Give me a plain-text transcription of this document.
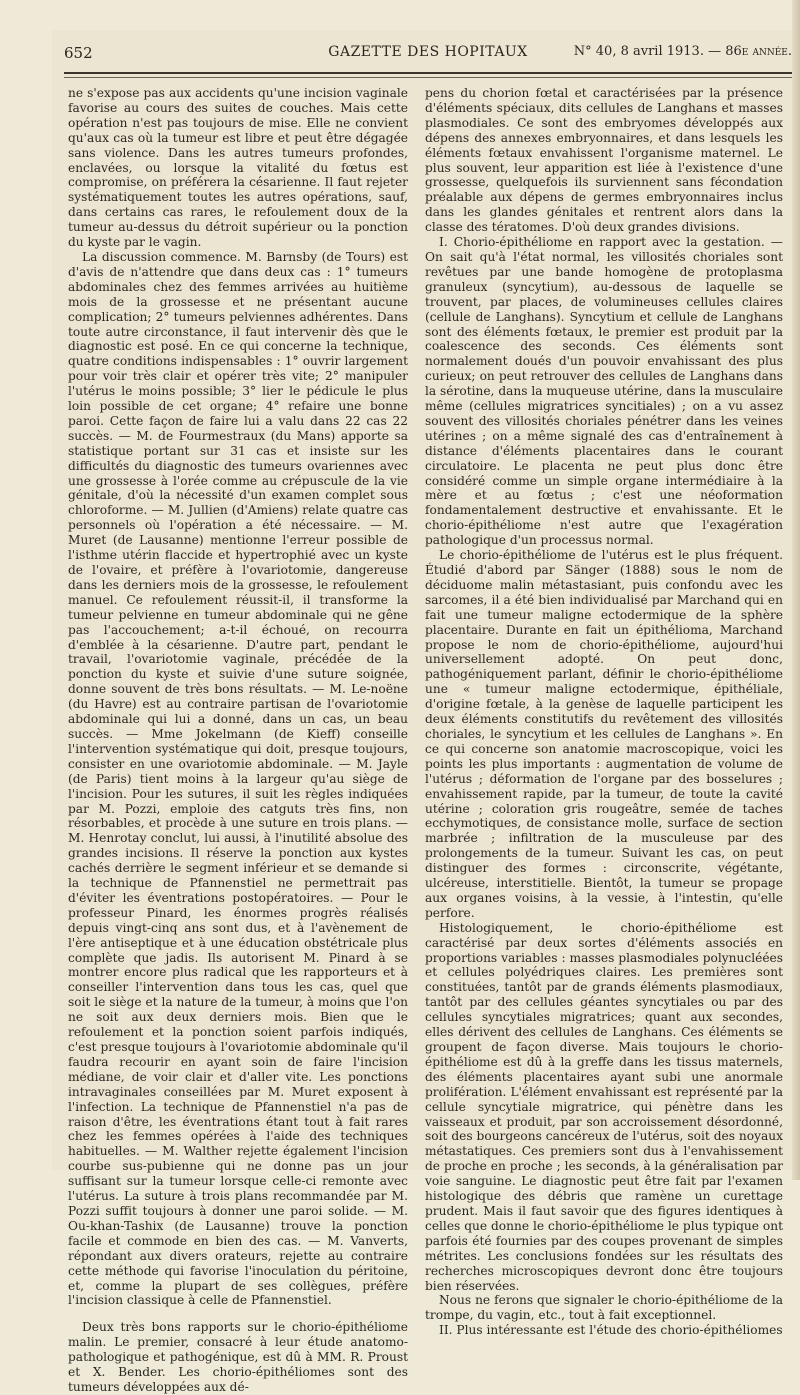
GAZETTE DES HOPITAUX
652	N° 40, 8 avril 1913. — 86e année.

ne s'expose pas aux accidents qu'une incision vaginale favorise au cours des suites de couches. Mais cette opération n'est pas toujours de mise. Elle ne convient qu'aux cas où la tumeur est libre et peut être dégagée sans violence. Dans les autres tumeurs profondes, enclavées, ou lorsque la vitalité du fœtus est compromise, on préférera la césarienne. Il faut rejeter systématiquement toutes les autres opérations, sauf, dans certains cas rares, le refoulement doux de la tumeur au-dessus du détroit supérieur ou la ponction du kyste par le vagin.

La discussion commence. M. Barnsby (de Tours) est d'avis de n'attendre que dans deux cas : 1° tumeurs abdominales chez des femmes arrivées au huitième mois de la grossesse et ne présentant aucune complication; 2° tumeurs pelviennes adhérentes. Dans toute autre circonstance, il faut intervenir dès que le diagnostic est posé. En ce qui concerne la technique, quatre conditions indispensables : 1° ouvrir largement pour voir très clair et opérer très vite; 2° manipuler l'utérus le moins possible; 3° lier le pédicule le plus loin possible de cet organe; 4° refaire une bonne paroi. Cette façon de faire lui a valu dans 22 cas 22 succès. — M. de Fourmestraux (du Mans) apporte sa statistique portant sur 31 cas et insiste sur les difficultés du diagnostic des tumeurs ovariennes avec une grossesse à l'orée comme au crépuscule de la vie génitale, d'où la nécessité d'un examen complet sous chloroforme. — M. Jullien (d'Amiens) relate quatre cas personnels où l'opération a été nécessaire. — M. Muret (de Lausanne) mentionne l'erreur possible de l'isthme utérin flaccide et hypertrophié avec un kyste de l'ovaire, et préfère à l'ovariotomie, dangereuse dans les derniers mois de la grossesse, le refoulement manuel. Ce refoulement réussit-il, il transforme la tumeur pelvienne en tumeur abdominale qui ne gêne pas l'accouchement; a-t-il échoué, on recourra d'emblée à la césarienne. D'autre part, pendant le travail, l'ovariotomie vaginale, précédée de la ponction du kyste et suivie d'une suture soignée, donne souvent de très bons résultats. — M. Le-noëne (du Havre) est au contraire partisan de l'ovariotomie abdominale qui lui a donné, dans un cas, un beau succès. — Mme Jokelmann (de Kieff) conseille l'intervention systématique qui doit, presque toujours, consister en une ovariotomie abdominale. — M. Jayle (de Paris) tient moins à la largeur qu'au siège de l'incision. Pour les sutures, il suit les règles indiquées par M. Pozzi, emploie des catguts très fins, non résorbables, et procède à une suture en trois plans. — M. Henrotay conclut, lui aussi, à l'inutilité absolue des grandes incisions. Il réserve la ponction aux kystes cachés derrière le segment inférieur et se demande si la technique de Pfannenstiel ne permettrait pas d'éviter les éventrations postopératoires. — Pour le professeur Pinard, les énormes progrès réalisés depuis vingt-cinq ans sont dus, et à l'avènement de l'ère antiseptique et à une éducation obstétricale plus complète que jadis. Ils autorisent M. Pinard à se montrer encore plus radical que les rapporteurs et à conseiller l'intervention dans tous les cas, quel que soit le siège et la nature de la tumeur, à moins que l'on ne soit aux deux derniers mois. Bien que le refoulement et la ponction soient parfois indiqués, c'est presque toujours à l'ovariotomie abdominale qu'il faudra recourir en ayant soin de faire l'incision médiane, de voir clair et d'aller vite. Les ponctions intravaginales conseillées par M. Muret exposent à l'infection. La technique de Pfannenstiel n'a pas de raison d'être, les éventrations étant tout à fait rares chez les femmes opérées à l'aide des techniques habituelles. — M. Walther rejette également l'incision courbe sus-pubienne qui ne donne pas un jour suffisant sur la tumeur lorsque celle-ci remonte avec l'utérus. La suture à trois plans recommandée par M. Pozzi suffit toujours à donner une paroi solide. — M. Ou-khan-Tashix (de Lausanne) trouve la ponction facile et commode en bien des cas. — M. Vanverts, répondant aux divers orateurs, rejette au contraire cette méthode qui favorise l'inoculation du péritoine, et, comme la plupart de ses collègues, préfère l'incision classique à celle de Pfannenstiel.

Deux très bons rapports sur le chorio-épithéliome malin. Le premier, consacré à leur étude anatomo-pathologique et pathogénique, est dû à MM. R. Proust et X. Bender. Les chorio-épithéliomes sont des tumeurs développées aux dé-

pens du chorion fœtal et caractérisées par la présence d'éléments spéciaux, dits cellules de Langhans et masses plasmodiales. Ce sont des embryomes développés aux dépens des annexes embryonnaires, et dans lesquels les éléments fœtaux envahissent l'organisme maternel. Le plus souvent, leur apparition est liée à l'existence d'une grossesse, quelquefois ils surviennent sans fécondation préalable aux dépens de germes embryonnaires inclus dans les glandes génitales et rentrent alors dans la classe des tératomes. D'où deux grandes divisions.

I. Chorio-épithéliome en rapport avec la gestation. — On sait qu'à l'état normal, les villosités choriales sont revêtues par une bande homogène de protoplasma granuleux (syncytium), au-dessous de laquelle se trouvent, par places, de volumineuses cellules claires (cellule de Langhans). Syncytium et cellule de Langhans sont des éléments fœtaux, le premier est produit par la coalescence des seconds. Ces éléments sont normalement doués d'un pouvoir envahissant des plus curieux; on peut retrouver des cellules de Langhans dans la sérotine, dans la muqueuse utérine, dans la musculaire même (cellules migratrices syncitiales) ; on a vu assez souvent des villosités choriales pénétrer dans les veines utérines ; on a même signalé des cas d'entraînement à distance d'éléments placentaires dans le courant circulatoire. Le placenta ne peut plus donc être considéré comme un simple organe intermédiaire à la mère et au fœtus ; c'est une néoformation fondamentalement destructive et envahissante. Et le chorio-épithéliome n'est autre que l'exagération pathologique d'un processus normal.

Le chorio-épithéliome de l'utérus est le plus fréquent. Étudié d'abord par Sänger (1888) sous le nom de déciduome malin métastasiant, puis confondu avec les sarcomes, il a été bien individualisé par Marchand qui en fait une tumeur maligne ectodermique de la sphère placentaire. Durante en fait un épithélioma, Marchand propose le nom de chorio-épithéliome, aujourd'hui universellement adopté. On peut donc, pathogéniquement parlant, définir le chorio-épithéliome une « tumeur maligne ectodermique, épithéliale, d'origine fœtale, à la genèse de laquelle participent les deux éléments constitutifs du revêtement des villosités choriales, le syncytium et les cellules de Langhans ». En ce qui concerne son anatomie macroscopique, voici les points les plus importants : augmentation de volume de l'utérus ; déformation de l'organe par des bosselures ; envahissement rapide, par la tumeur, de toute la cavité utérine ; coloration gris rougeâtre, semée de taches ecchymotiques, de consistance molle, surface de section marbrée ; infiltration de la musculeuse par des prolongements de la tumeur. Suivant les cas, on peut distinguer des formes : circonscrite, végétante, ulcéreuse, interstitielle. Bientôt, la tumeur se propage aux organes voisins, à la vessie, à l'intestin, qu'elle perfore.

Histologiquement, le chorio-épithéliome est caractérisé par deux sortes d'éléments associés en proportions variables : masses plasmodiales polynucléées et cellules polyédriques claires. Les premières sont constituées, tantôt par de grands éléments plasmodiaux, tantôt par des cellules géantes syncytiales ou par des cellules syncytiales migratrices; quant aux secondes, elles dérivent des cellules de Langhans. Ces éléments se groupent de façon diverse. Mais toujours le chorio-épithéliome est dû à la greffe dans les tissus maternels, des éléments placentaires ayant subi une anormale prolifération. L'élément envahissant est représenté par la cellule syncytiale migratrice, qui pénètre dans les vaisseaux et produit, par son accroissement désordonné, soit des bourgeons cancéreux de l'utérus, soit des noyaux métastatiques. Ces premiers sont dus à l'envahissement de proche en proche ; les seconds, à la généralisation par voie sanguine. Le diagnostic peut être fait par l'examen histologique des débris que ramène un curettage prudent. Mais il faut savoir que des figures identiques à celles que donne le chorio-épithéliome le plus typique ont parfois été fournies par des coupes provenant de simples métrites. Les conclusions fondées sur les résultats des recherches microscopiques devront donc être toujours bien réservées.

Nous ne ferons que signaler le chorio-épithéliome de la trompe, du vagin, etc., tout à fait exceptionnel.

II. Plus intéressante est l'étude des chorio-épithéliomes
